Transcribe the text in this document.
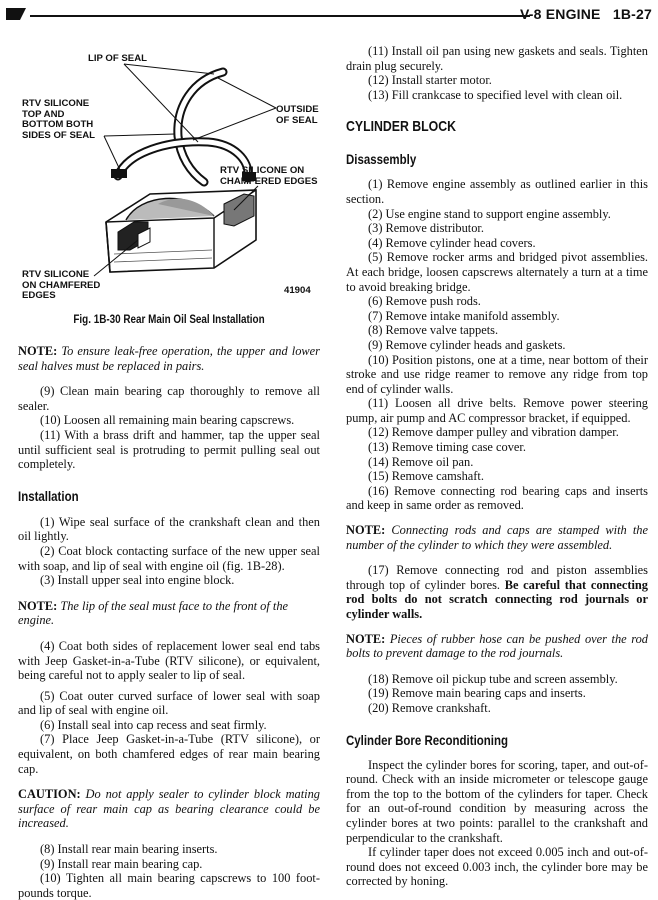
V-8 ENGINE   1B-27
LIP OF SEAL
RTV SILICONE
TOP AND
BOTTOM BOTH
SIDES OF SEAL
OUTSIDE
OF SEAL
RTV SILICONE ON
CHAMFERED EDGES
RTV SILICONE
ON CHAMFERED
EDGES	41904

Fig. 1B-30 Rear Main Oil Seal Installation

NOTE: To ensure leak-free operation, the upper and lower seal halves must be replaced in pairs.

(9) Clean main bearing cap thoroughly to remove all sealer.

(10) Loosen all remaining main bearing capscrews.

(11) With a brass drift and hammer, tap the upper seal until sufficient seal is protruding to permit pulling seal out completely.

Installation

(1) Wipe seal surface of the crankshaft clean and then oil lightly.

(2) Coat block contacting surface of the new upper seal with soap, and lip of seal with engine oil (fig. 1B-28).

(3) Install upper seal into engine block.

NOTE: The lip of the seal must face to the front of the engine.

(4) Coat both sides of replacement lower seal end tabs with Jeep Gasket-in-a-Tube (RTV silicone), or equivalent, being careful not to apply sealer to lip of seal.

(5) Coat outer curved surface of lower seal with soap and lip of seal with engine oil.

(6) Install seal into cap recess and seat firmly.

(7) Place Jeep Gasket-in-a-Tube (RTV silicone), or equivalent, on both chamfered edges of rear main bearing cap.

CAUTION: Do not apply sealer to cylinder block mating surface of rear main cap as bearing clearance could be increased.

(8) Install rear main bearing inserts.

(9) Install rear main bearing cap.

(10) Tighten all main bearing capscrews to 100 foot-pounds torque.

(11) Install oil pan using new gaskets and seals. Tighten drain plug securely.

(12) Install starter motor.

(13) Fill crankcase to specified level with clean oil.

CYLINDER BLOCK

Disassembly

(1) Remove engine assembly as outlined earlier in this section.

(2) Use engine stand to support engine assembly.

(3) Remove distributor.

(4) Remove cylinder head covers.

(5) Remove rocker arms and bridged pivot assemblies. At each bridge, loosen capscrews alternately a turn at a time to avoid breaking bridge.

(6) Remove push rods.

(7) Remove intake manifold assembly.

(8) Remove valve tappets.

(9) Remove cylinder heads and gaskets.

(10) Position pistons, one at a time, near bottom of their stroke and use ridge reamer to remove any ridge from top end of cylinder walls.

(11) Loosen all drive belts. Remove power steering pump, air pump and AC compressor bracket, if equipped.

(12) Remove damper pulley and vibration damper.

(13) Remove timing case cover.

(14) Remove oil pan.

(15) Remove camshaft.

(16) Remove connecting rod bearing caps and inserts and keep in same order as removed.

NOTE: Connecting rods and caps are stamped with the number of the cylinder to which they were assembled.

(17) Remove connecting rod and piston assemblies through top of cylinder bores. Be careful that connecting rod bolts do not scratch connecting rod journals or cylinder walls.

NOTE: Pieces of rubber hose can be pushed over the rod bolts to prevent damage to the rod journals.

(18) Remove oil pickup tube and screen assembly.

(19) Remove main bearing caps and inserts.

(20) Remove crankshaft.

Cylinder Bore Reconditioning

Inspect the cylinder bores for scoring, taper, and out-of-round. Check with an inside micrometer or telescope gauge from the top to the bottom of the cylinders for taper. Check for an out-of-round condition by measuring across the cylinder bores at two points: parallel to the crankshaft and perpendicular to the crankshaft.

If cylinder taper does not exceed 0.005 inch and out-of-round does not exceed 0.003 inch, the cylinder bore may be corrected by honing.
